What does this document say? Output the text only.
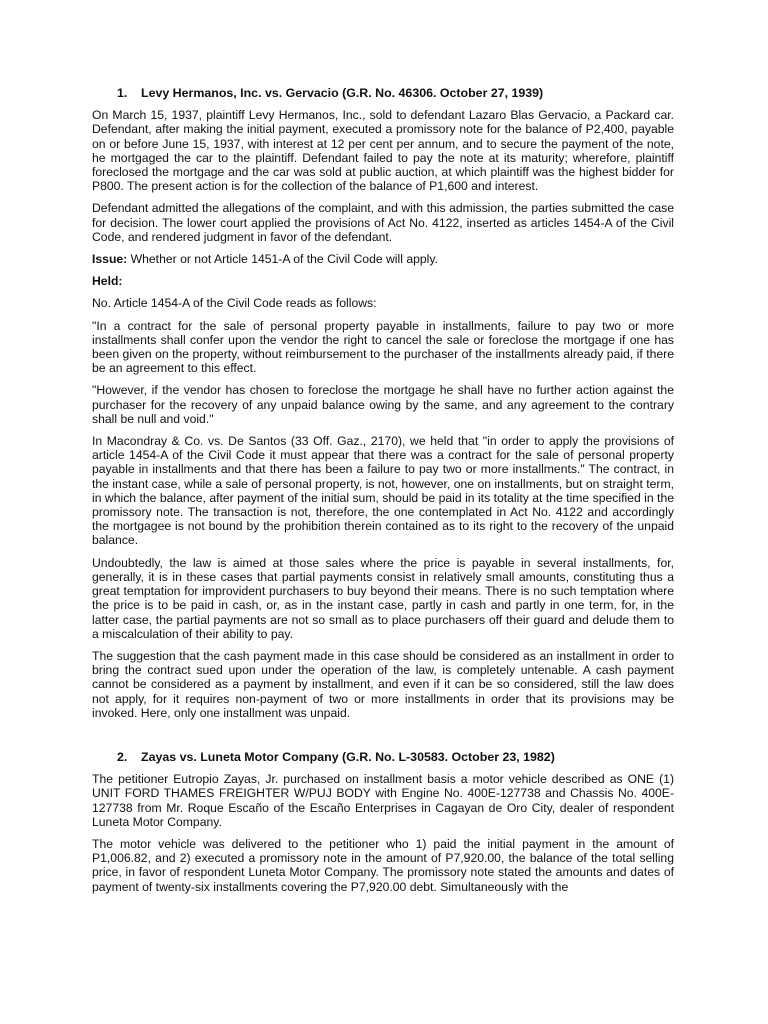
1. Levy Hermanos, Inc. vs. Gervacio (G.R. No. 46306. October 27, 1939)

On March 15, 1937, plaintiff Levy Hermanos, Inc., sold to defendant Lazaro Blas Gervacio, a Packard car. Defendant, after making the initial payment, executed a promissory note for the balance of P2,400, payable on or before June 15, 1937, with interest at 12 per cent per annum, and to secure the payment of the note, he mortgaged the car to the plaintiff. Defendant failed to pay the note at its maturity; wherefore, plaintiff foreclosed the mortgage and the car was sold at public auction, at which plaintiff was the highest bidder for P800. The present action is for the collection of the balance of P1,600 and interest.

Defendant admitted the allegations of the complaint, and with this admission, the parties submitted the case for decision. The lower court applied the provisions of Act No. 4122, inserted as articles 1454-A of the Civil Code, and rendered judgment in favor of the defendant.

Issue: Whether or not Article 1451-A of the Civil Code will apply.

Held:

No. Article 1454-A of the Civil Code reads as follows:

"In a contract for the sale of personal property payable in installments, failure to pay two or more installments shall confer upon the vendor the right to cancel the sale or foreclose the mortgage if one has been given on the property, without reimbursement to the purchaser of the installments already paid, if there be an agreement to this effect.

"However, if the vendor has chosen to foreclose the mortgage he shall have no further action against the purchaser for the recovery of any unpaid balance owing by the same, and any agreement to the contrary shall be null and void."

In Macondray & Co. vs. De Santos (33 Off. Gaz., 2170), we held that "in order to apply the provisions of article 1454-A of the Civil Code it must appear that there was a contract for the sale of personal property payable in installments and that there has been a failure to pay two or more installments." The contract, in the instant case, while a sale of personal property, is not, however, one on installments, but on straight term, in which the balance, after payment of the initial sum, should be paid in its totality at the time specified in the promissory note. The transaction is not, therefore, the one contemplated in Act No. 4122 and accordingly the mortgagee is not bound by the prohibition therein contained as to its right to the recovery of the unpaid balance.

Undoubtedly, the law is aimed at those sales where the price is payable in several installments, for, generally, it is in these cases that partial payments consist in relatively small amounts, constituting thus a great temptation for improvident purchasers to buy beyond their means. There is no such temptation where the price is to be paid in cash, or, as in the instant case, partly in cash and partly in one term, for, in the latter case, the partial payments are not so small as to place purchasers off their guard and delude them to a miscalculation of their ability to pay.

The suggestion that the cash payment made in this case should be considered as an installment in order to bring the contract sued upon under the operation of the law, is completely untenable. A cash payment cannot be considered as a payment by installment, and even if it can be so considered, still the law does not apply, for it requires non-payment of two or more installments in order that its provisions may be invoked. Here, only one installment was unpaid.

2. Zayas vs. Luneta Motor Company (G.R. No. L-30583. October 23, 1982)

The petitioner Eutropio Zayas, Jr. purchased on installment basis a motor vehicle described as ONE (1) UNIT FORD THAMES FREIGHTER W/PUJ BODY with Engine No. 400E-127738 and Chassis No. 400E-127738 from Mr. Roque Escaño of the Escaño Enterprises in Cagayan de Oro City, dealer of respondent Luneta Motor Company.

The motor vehicle was delivered to the petitioner who 1) paid the initial payment in the amount of P1,006.82, and 2) executed a promissory note in the amount of P7,920.00, the balance of the total selling price, in favor of respondent Luneta Motor Company. The promissory note stated the amounts and dates of payment of twenty-six installments covering the P7,920.00 debt. Simultaneously with the
